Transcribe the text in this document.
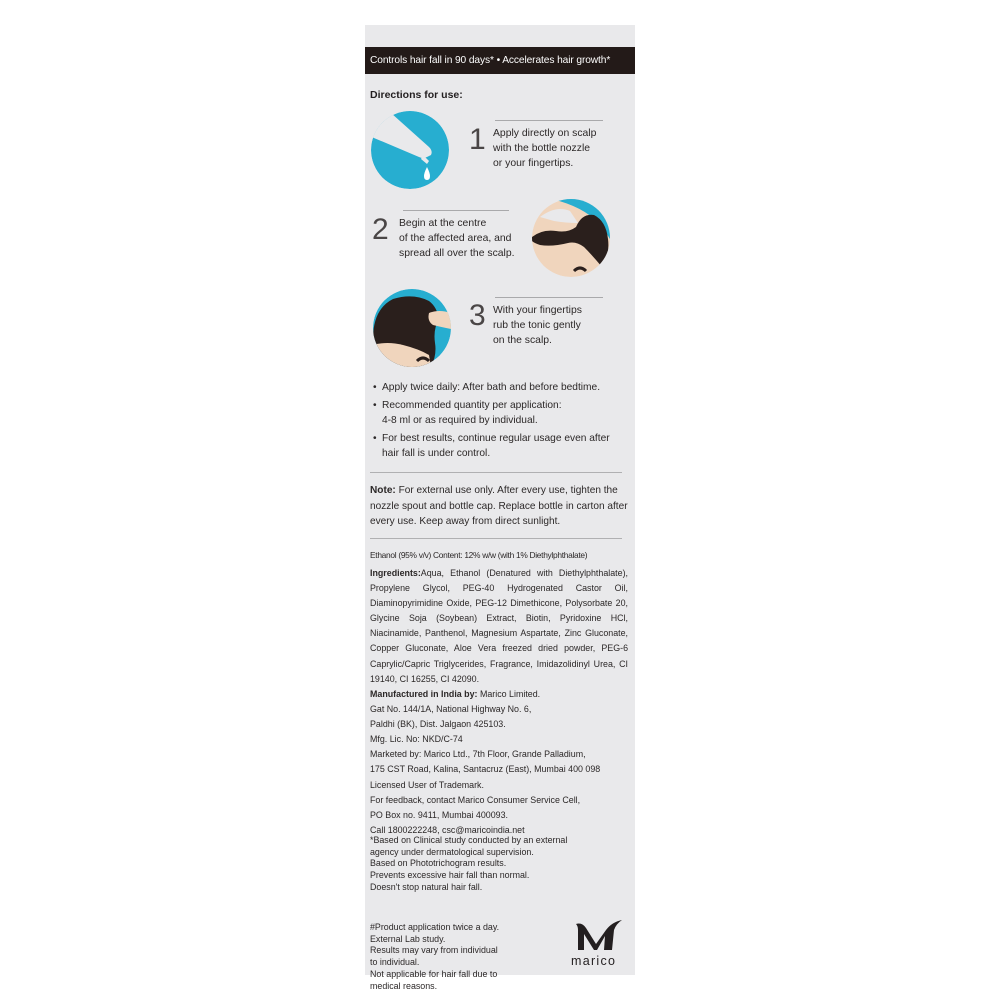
Controls hair fall in 90 days* • Accelerates hair growth*
Directions for use:
1 Apply directly on scalp
with the bottle nozzle
or your fingertips.
2 Begin at the centre
of the affected area, and
spread all over the scalp.
3 With your fingertips
rub the tonic gently
on the scalp.
• Apply twice daily: After bath and before bedtime.
• Recommended quantity per application:
4-8 ml or as required by individual.
• For best results, continue regular usage even after
hair fall is under control.
Note: For external use only. After every use, tighten the nozzle spout and bottle cap. Replace bottle in carton after every use. Keep away from direct sunlight.
Ethanol (95% v/v) Content: 12% w/w (with 1% Diethylphthalate)
Ingredients:Aqua, Ethanol (Denatured with Diethylphthalate), Propylene Glycol, PEG-40 Hydrogenated Castor Oil, Diaminopyrimidine Oxide, PEG-12 Dimethicone, Polysorbate 20, Glycine Soja (Soybean) Extract, Biotin, Pyridoxine HCl, Niacinamide, Panthenol, Magnesium Aspartate, Zinc Gluconate, Copper Gluconate, Aloe Vera freezed dried powder, PEG-6 Caprylic/Capric Triglycerides, Fragrance, Imidazolidinyl Urea, CI 19140, CI 16255, CI 42090.
Manufactured in India by: Marico Limited.
Gat No. 144/1A, National Highway No. 6,
Paldhi (BK), Dist. Jalgaon 425103.
Mfg. Lic. No: NKD/C-74
Marketed by: Marico Ltd., 7th Floor, Grande Palladium,
175 CST Road, Kalina, Santacruz (East), Mumbai 400 098
Licensed User of Trademark.
For feedback, contact Marico Consumer Service Cell,
PO Box no. 9411, Mumbai 400093.
Call 1800222248, csc@maricoindia.net
*Based on Clinical study conducted by an external
agency under dermatological supervision.
Based on Phototrichogram results.
Prevents excessive hair fall than normal.
Doesn't stop natural hair fall.
#Product application twice a day.
External Lab study.
Results may vary from individual
to individual.
Not applicable for hair fall due to
medical reasons.
marico
